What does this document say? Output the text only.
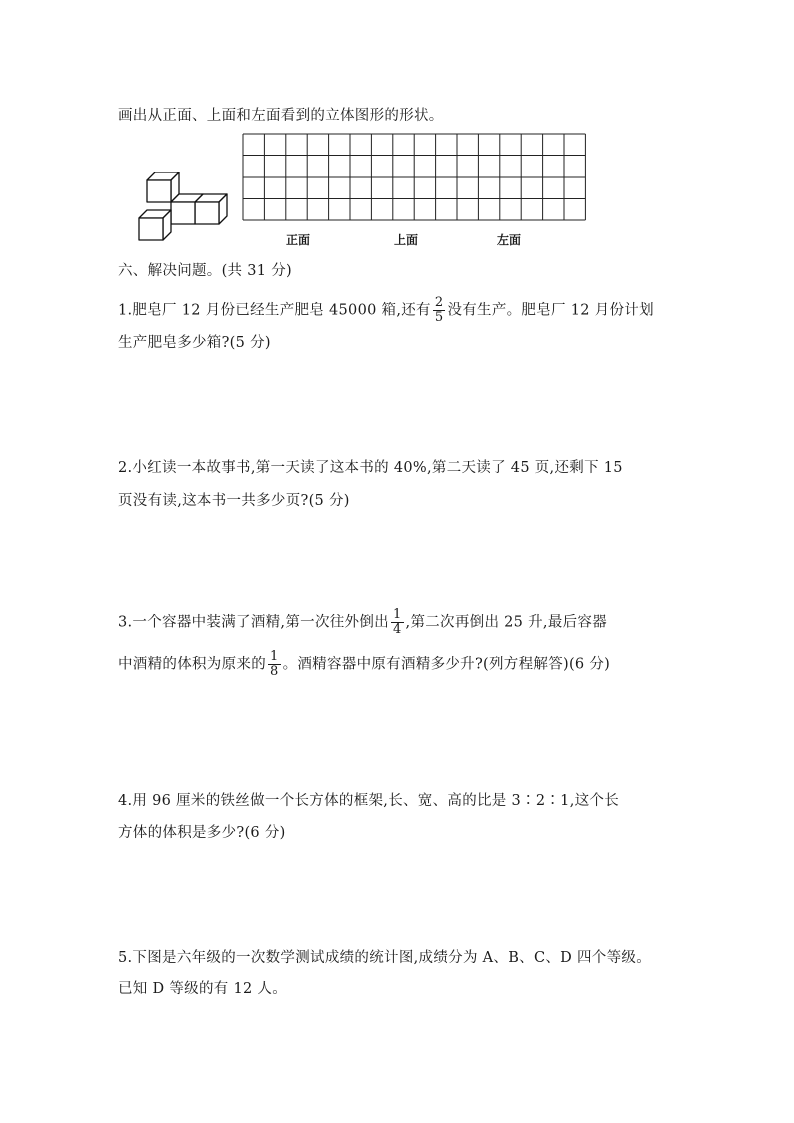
画出从正面、上面和左面看到的立体图形的形状。
正面	上面	左面
六、解决问题。(共 31 分)
1.肥皂厂 12 月份已经生产肥皂 45000 箱,还有 $\frac{2}{5}$ 没有生产。肥皂厂 12 月份计划
生产肥皂多少箱?(5 分)
2.小红读一本故事书,第一天读了这本书的 40%,第二天读了 45 页,还剩下 15
页没有读,这本书一共多少页?(5 分)
3.一个容器中装满了酒精,第一次往外倒出 $\frac{1}{4}$ ,第二次再倒出 25 升,最后容器
中酒精的体积为原来的 $\frac{1}{8}$ 。酒精容器中原有酒精多少升?(列方程解答)(6 分)
4.用 96 厘米的铁丝做一个长方体的框架,长、宽、高的比是 3∶2∶1,这个长
方体的体积是多少?(6 分)
5.下图是六年级的一次数学测试成绩的统计图,成绩分为 A、B、C、D 四个等级。
已知 D 等级的有 12 人。
